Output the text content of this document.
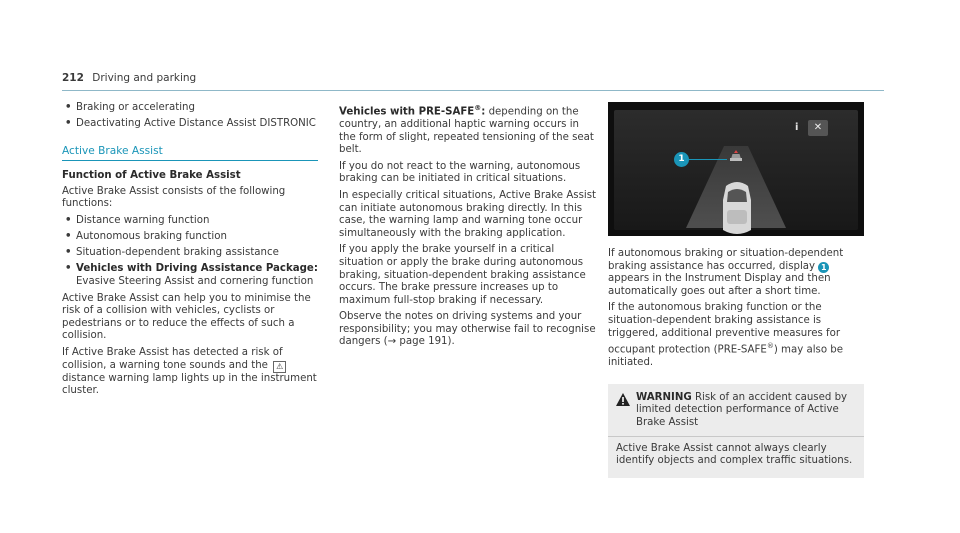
212 Driving and parking
• Braking or accelerating
• Deactivating Active Distance Assist DISTRONIC
Active Brake Assist
Function of Active Brake Assist

Active Brake Assist consists of the following functions:

• Distance warning function
• Autonomous braking function
• Situation-dependent braking assistance
• Vehicles with Driving Assistance Package: Evasive Steering Assist and cornering function

Active Brake Assist can help you to minimise the risk of a collision with vehicles, cyclists or pedestrians or to reduce the effects of such a collision.

If Active Brake Assist has detected a risk of collision, a warning tone sounds and the ⚠ distance warning lamp lights up in the instrument cluster.

Vehicles with PRE-SAFE®: depending on the country, an additional haptic warning occurs in the form of slight, repeated tensioning of the seat belt.

If you do not react to the warning, autonomous braking can be initiated in critical situations.

In especially critical situations, Active Brake Assist can initiate autonomous braking directly. In this case, the warning lamp and warning tone occur simultaneously with the braking application.

If you apply the brake yourself in a critical situation or apply the brake during autonomous braking, situation-dependent braking assistance occurs. The brake pressure increases up to maximum full-stop braking if necessary.

Observe the notes on driving systems and your responsibility; you may otherwise fail to recognise dangers (→ page 191).

i	✕
1

If autonomous braking or situation-dependent braking assistance has occurred, display 1 appears in the Instrument Display and then automatically goes out after a short time.

If the autonomous braking function or the situation-dependent braking assistance is triggered, additional preventive measures for occupant protection (PRE-SAFE®) may also be initiated.

WARNING Risk of an accident caused by limited detection performance of Active Brake Assist

Active Brake Assist cannot always clearly identify objects and complex traffic situations.
